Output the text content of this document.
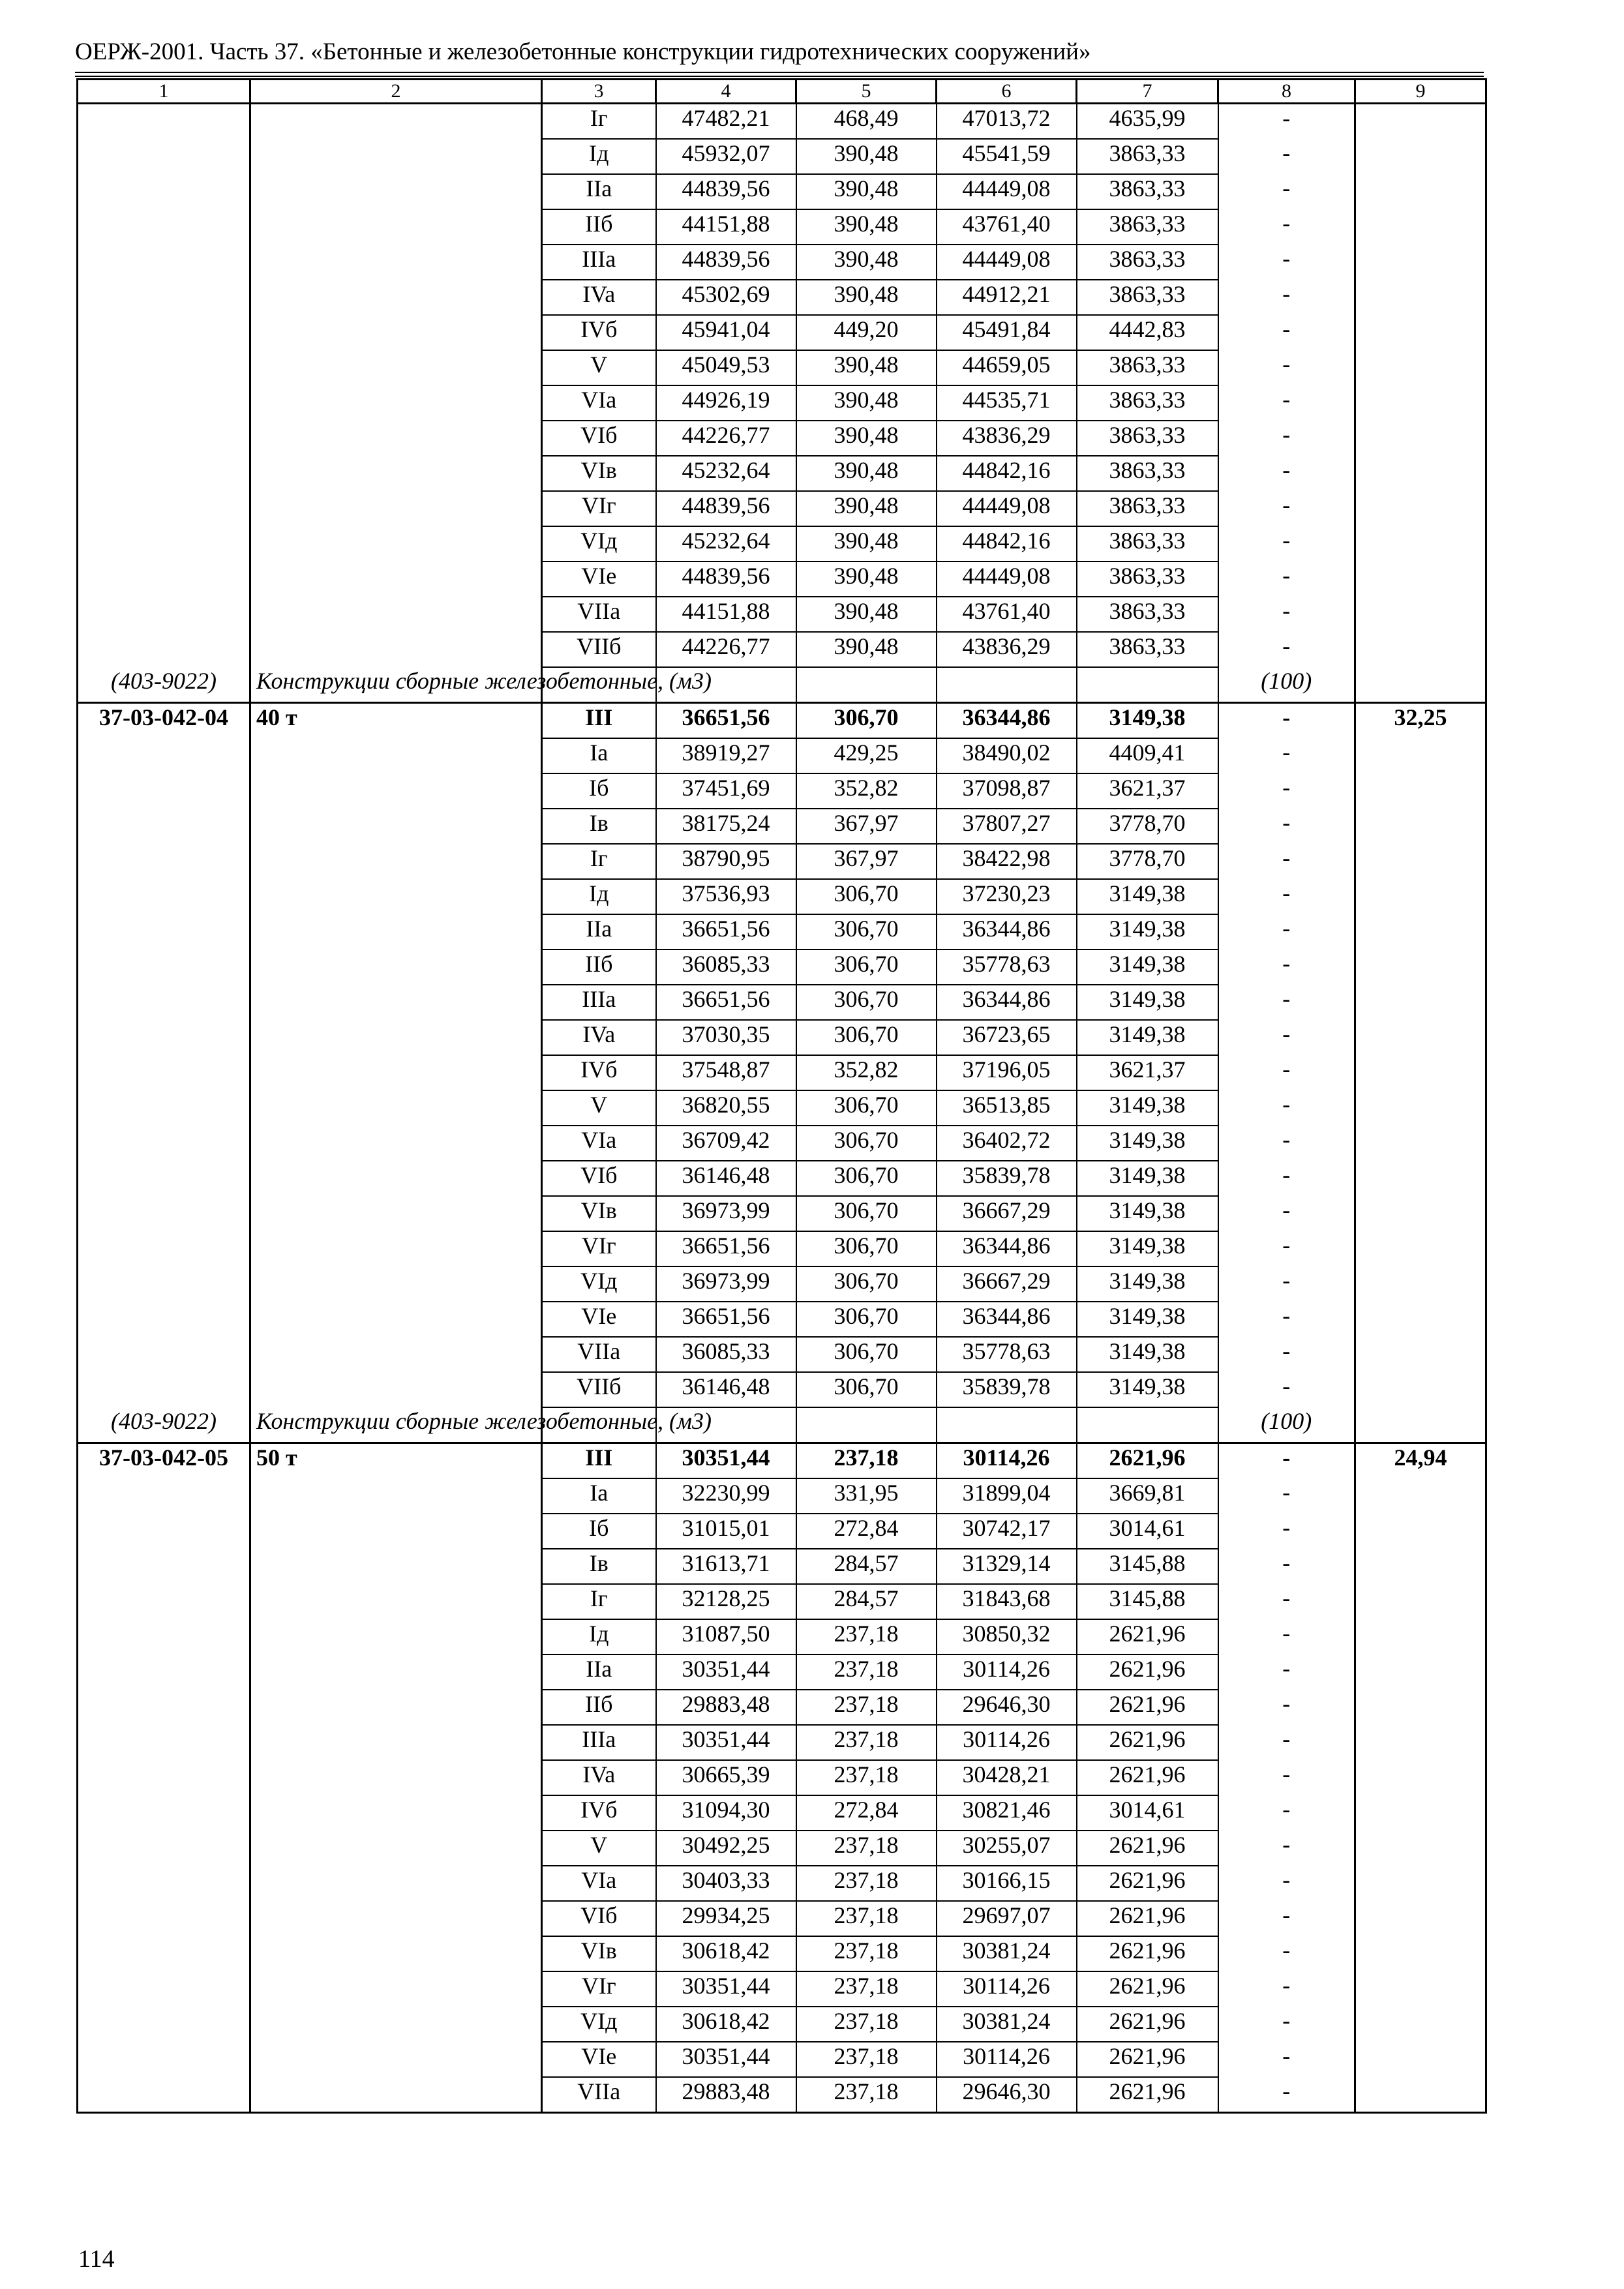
ОЕРЖ-2001. Часть 37. «Бетонные и железобетонные конструкции гидротехнических сооружений»
1	2	3	4	5	6	7	8	9
		Iг	47482,21	468,49	47013,72	4635,99	-	
		Iд	45932,07	390,48	45541,59	3863,33	-	
		IIa	44839,56	390,48	44449,08	3863,33	-	
		IIб	44151,88	390,48	43761,40	3863,33	-	
		IIIa	44839,56	390,48	44449,08	3863,33	-	
		IVa	45302,69	390,48	44912,21	3863,33	-	
		IVб	45941,04	449,20	45491,84	4442,83	-	
		V	45049,53	390,48	44659,05	3863,33	-	
		VIa	44926,19	390,48	44535,71	3863,33	-	
		VIб	44226,77	390,48	43836,29	3863,33	-	
		VIв	45232,64	390,48	44842,16	3863,33	-	
		VIг	44839,56	390,48	44449,08	3863,33	-	
		VIд	45232,64	390,48	44842,16	3863,33	-	
		VIe	44839,56	390,48	44449,08	3863,33	-	
		VIIa	44151,88	390,48	43761,40	3863,33	-	
		VIIб	44226,77	390,48	43836,29	3863,33	-	
(403-9022)	Конструкции сборные железобетонные, (м3)						(100)	
37-03-042-04	40 т	III	36651,56	306,70	36344,86	3149,38	-	32,25
		Ia	38919,27	429,25	38490,02	4409,41	-	
		Iб	37451,69	352,82	37098,87	3621,37	-	
		Iв	38175,24	367,97	37807,27	3778,70	-	
		Iг	38790,95	367,97	38422,98	3778,70	-	
		Iд	37536,93	306,70	37230,23	3149,38	-	
		IIa	36651,56	306,70	36344,86	3149,38	-	
		IIб	36085,33	306,70	35778,63	3149,38	-	
		IIIa	36651,56	306,70	36344,86	3149,38	-	
		IVa	37030,35	306,70	36723,65	3149,38	-	
		IVб	37548,87	352,82	37196,05	3621,37	-	
		V	36820,55	306,70	36513,85	3149,38	-	
		VIa	36709,42	306,70	36402,72	3149,38	-	
		VIб	36146,48	306,70	35839,78	3149,38	-	
		VIв	36973,99	306,70	36667,29	3149,38	-	
		VIг	36651,56	306,70	36344,86	3149,38	-	
		VIд	36973,99	306,70	36667,29	3149,38	-	
		VIe	36651,56	306,70	36344,86	3149,38	-	
		VIIa	36085,33	306,70	35778,63	3149,38	-	
		VIIб	36146,48	306,70	35839,78	3149,38	-	
(403-9022)	Конструкции сборные железобетонные, (м3)						(100)	
37-03-042-05	50 т	III	30351,44	237,18	30114,26	2621,96	-	24,94
		Ia	32230,99	331,95	31899,04	3669,81	-	
		Iб	31015,01	272,84	30742,17	3014,61	-	
		Iв	31613,71	284,57	31329,14	3145,88	-	
		Iг	32128,25	284,57	31843,68	3145,88	-	
		Iд	31087,50	237,18	30850,32	2621,96	-	
		IIa	30351,44	237,18	30114,26	2621,96	-	
		IIб	29883,48	237,18	29646,30	2621,96	-	
		IIIa	30351,44	237,18	30114,26	2621,96	-	
		IVa	30665,39	237,18	30428,21	2621,96	-	
		IVб	31094,30	272,84	30821,46	3014,61	-	
		V	30492,25	237,18	30255,07	2621,96	-	
		VIa	30403,33	237,18	30166,15	2621,96	-	
		VIб	29934,25	237,18	29697,07	2621,96	-	
		VIв	30618,42	237,18	30381,24	2621,96	-	
		VIг	30351,44	237,18	30114,26	2621,96	-	
		VIд	30618,42	237,18	30381,24	2621,96	-	
		VIe	30351,44	237,18	30114,26	2621,96	-	
		VIIa	29883,48	237,18	29646,30	2621,96	-	
114
